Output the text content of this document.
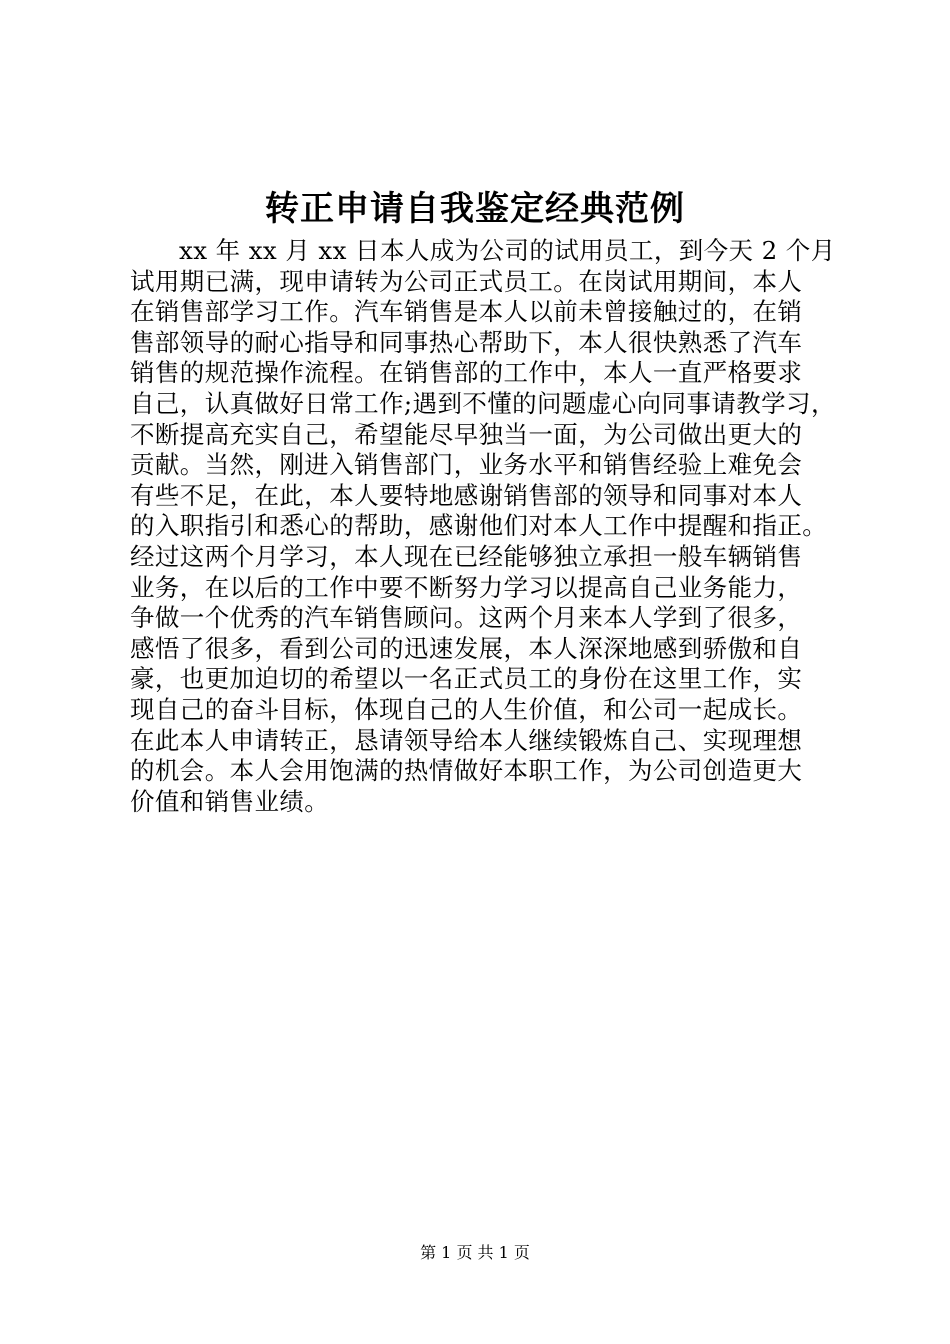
转正申请自我鉴定经典范例
xx 年 xx 月 xx 日本人成为公司的试用员工，到今天 2 个月
试用期已满，现申请转为公司正式员工。在岗试用期间，本人
在销售部学习工作。汽车销售是本人以前未曾接触过的，在销
售部领导的耐心指导和同事热心帮助下，本人很快熟悉了汽车
销售的规范操作流程。在销售部的工作中，本人一直严格要求
自己，认真做好日常工作;遇到不懂的问题虚心向同事请教学习，
不断提高充实自己，希望能尽早独当一面，为公司做出更大的
贡献。当然，刚进入销售部门，业务水平和销售经验上难免会
有些不足，在此，本人要特地感谢销售部的领导和同事对本人
的入职指引和悉心的帮助，感谢他们对本人工作中提醒和指正。
经过这两个月学习，本人现在已经能够独立承担一般车辆销售
业务，在以后的工作中要不断努力学习以提高自己业务能力，
争做一个优秀的汽车销售顾问。这两个月来本人学到了很多，
感悟了很多，看到公司的迅速发展，本人深深地感到骄傲和自
豪，也更加迫切的希望以一名正式员工的身份在这里工作，实
现自己的奋斗目标，体现自己的人生价值，和公司一起成长。
在此本人申请转正，恳请领导给本人继续锻炼自己、实现理想
的机会。本人会用饱满的热情做好本职工作，为公司创造更大
价值和销售业绩。
第 1 页 共 1 页
